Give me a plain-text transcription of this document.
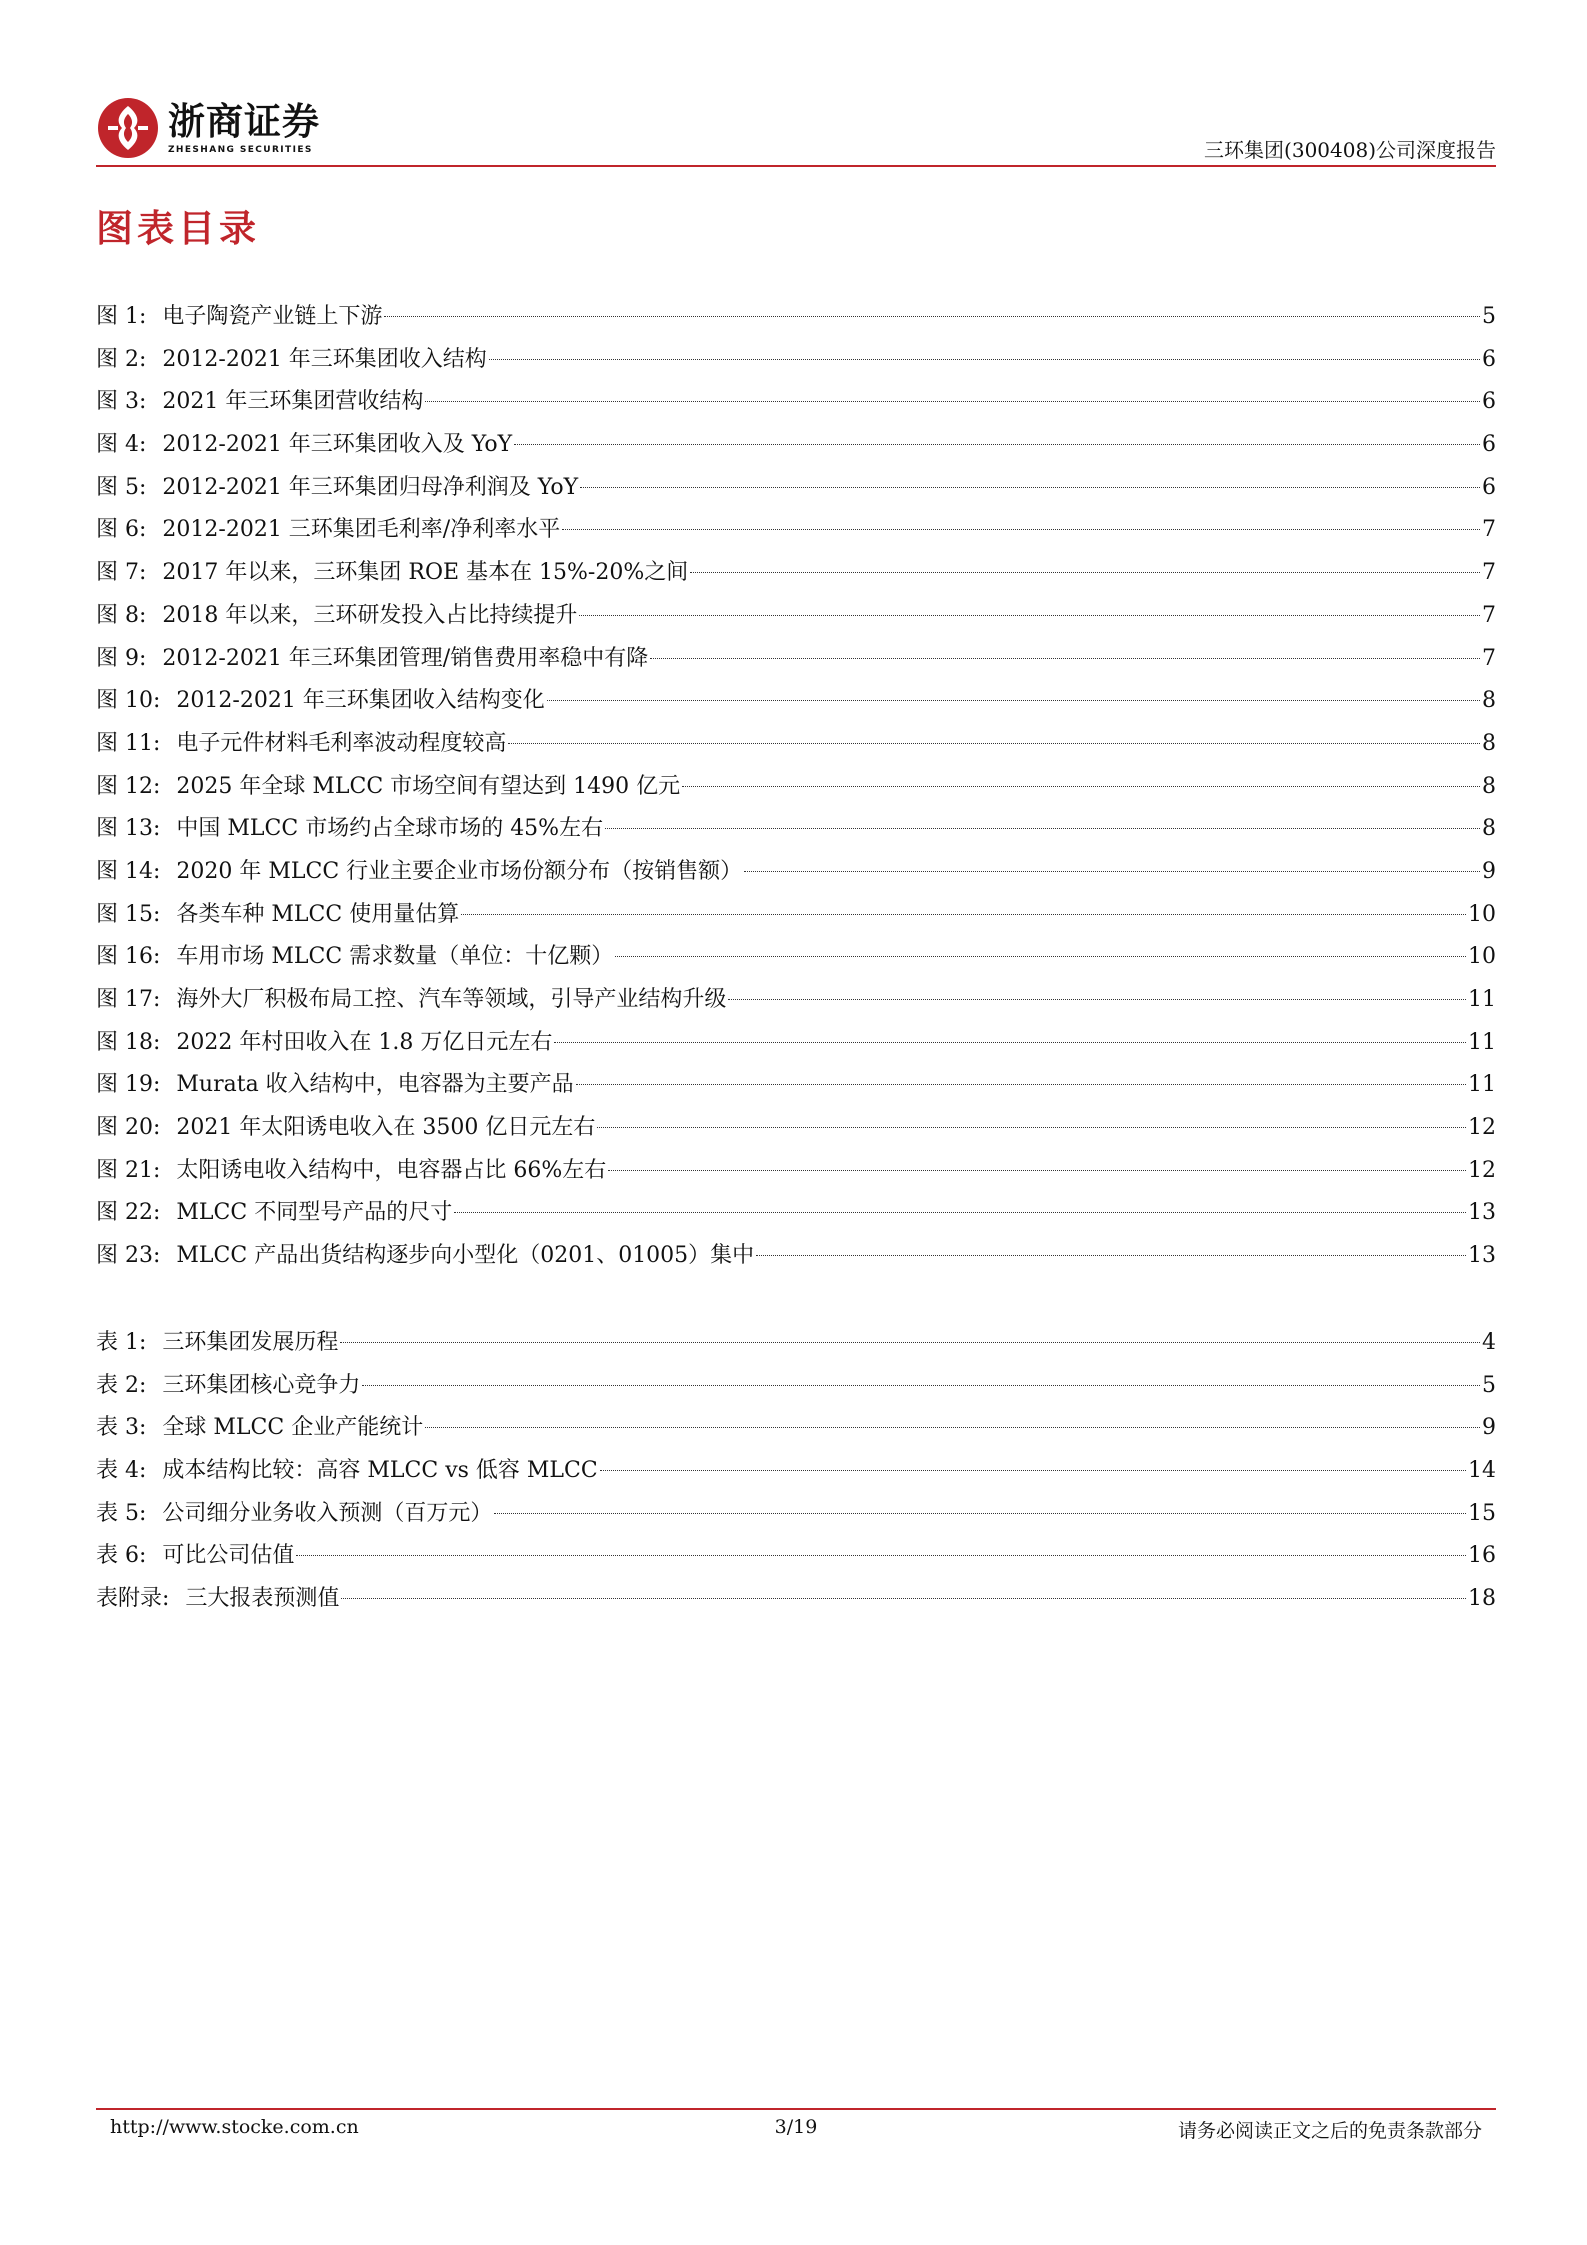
浙商证券
ZHESHANG SECURITIES	三环集团(300408)公司深度报告
图表目录
图 1: 电子陶瓷产业链上下游	5
图 2: 2012-2021 年三环集团收入结构	6
图 3: 2021 年三环集团营收结构	6
图 4: 2012-2021 年三环集团收入及 YoY	6
图 5: 2012-2021 年三环集团归母净利润及 YoY	6
图 6: 2012-2021 三环集团毛利率/净利率水平	7
图 7: 2017 年以来，三环集团 ROE 基本在 15%-20%之间	7
图 8: 2018 年以来，三环研发投入占比持续提升	7
图 9: 2012-2021 年三环集团管理/销售费用率稳中有降	7
图 10: 2012-2021 年三环集团收入结构变化	8
图 11: 电子元件材料毛利率波动程度较高	8
图 12: 2025 年全球 MLCC 市场空间有望达到 1490 亿元	8
图 13: 中国 MLCC 市场约占全球市场的 45%左右	8
图 14: 2020 年 MLCC 行业主要企业市场份额分布（按销售额）	9
图 15: 各类车种 MLCC 使用量估算	10
图 16: 车用市场 MLCC 需求数量（单位：十亿颗）	10
图 17: 海外大厂积极布局工控、汽车等领域，引导产业结构升级	11
图 18: 2022 年村田收入在 1.8 万亿日元左右	11
图 19: Murata 收入结构中，电容器为主要产品	11
图 20: 2021 年太阳诱电收入在 3500 亿日元左右	12
图 21: 太阳诱电收入结构中，电容器占比 66%左右	12
图 22: MLCC 不同型号产品的尺寸	13
图 23: MLCC 产品出货结构逐步向小型化（0201、01005）集中	13
表 1: 三环集团发展历程	4
表 2: 三环集团核心竞争力	5
表 3: 全球 MLCC 企业产能统计	9
表 4: 成本结构比较：高容 MLCC vs 低容 MLCC	14
表 5: 公司细分业务收入预测（百万元）	15
表 6: 可比公司估值	16
表附录: 三大报表预测值	18
http://www.stocke.com.cn	3/19	请务必阅读正文之后的免责条款部分
